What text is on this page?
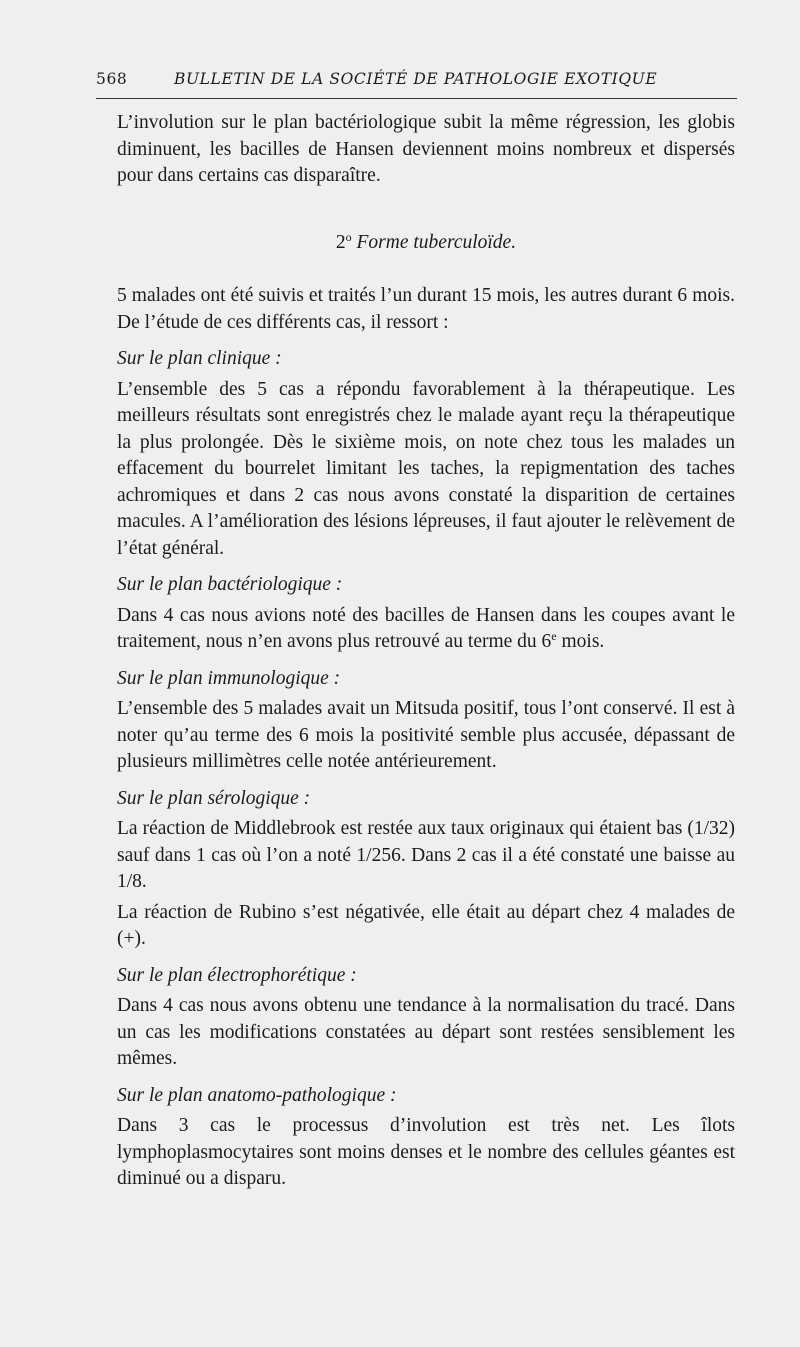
568	BULLETIN DE LA SOCIÉTÉ DE PATHOLOGIE EXOTIQUE

L’involution sur le plan bactériologique subit la même régression, les globis diminuent, les bacilles de Hansen deviennent moins nombreux et dispersés pour dans certains cas disparaître.

2$^o$ Forme tuberculoïde.

5 malades ont été suivis et traités l’un durant 15 mois, les autres durant 6 mois. De l’étude de ces différents cas, il ressort :

Sur le plan clinique :

L’ensemble des 5 cas a répondu favorablement à la thérapeutique. Les meilleurs résultats sont enregistrés chez le malade ayant reçu la thérapeutique la plus prolongée. Dès le sixième mois, on note chez tous les malades un effacement du bourrelet limitant les taches, la repigmentation des taches achromiques et dans 2 cas nous avons constaté la disparition de certaines macules. A l’amélioration des lésions lépreuses, il faut ajouter le relèvement de l’état général.

Sur le plan bactériologique :

Dans 4 cas nous avions noté des bacilles de Hansen dans les coupes avant le traitement, nous n’en avons plus retrouvé au terme du 6e mois.

Sur le plan immunologique :

L’ensemble des 5 malades avait un Mitsuda positif, tous l’ont conservé. Il est à noter qu’au terme des 6 mois la positivité semble plus accusée, dépassant de plusieurs millimètres celle notée antérieurement.

Sur le plan sérologique :

La réaction de Middlebrook est restée aux taux originaux qui étaient bas (1/32) sauf dans 1 cas où l’on a noté 1/256. Dans 2 cas il a été constaté une baisse au 1/8.

La réaction de Rubino s’est négativée, elle était au départ chez 4 malades de (+).

Sur le plan électrophorétique :

Dans 4 cas nous avons obtenu une tendance à la normalisation du tracé. Dans un cas les modifications constatées au départ sont restées sensiblement les mêmes.

Sur le plan anatomo-pathologique :

Dans 3 cas le processus d’involution est très net. Les îlots lymphoplasmocytaires sont moins denses et le nombre des cellules géantes est diminué ou a disparu.
